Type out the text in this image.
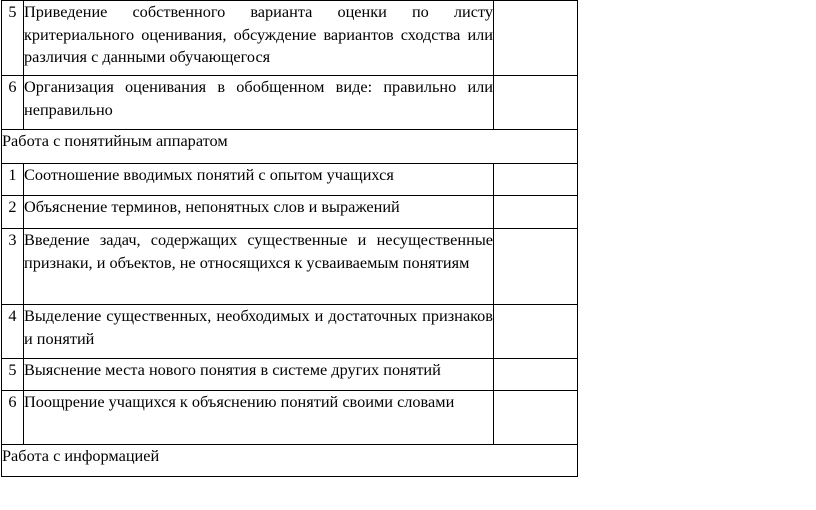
5	Приведение собственного варианта оценки по листу критериального оценивания, обсуждение вариантов сходства или различия с данными обучающегося	
6	Организация оценивания в обобщенном виде: правильно или неправильно	
Работа с понятийным аппаратом		
1	Соотношение вводимых понятий с опытом учащихся	
2	Объяснение терминов, непонятных слов и выражений	
3	Введение задач, содержащих существенные и несущественные признаки, и объектов, не относящихся к усваиваемым понятиям	
4	Выделение существенных, необходимых и достаточных признаков и понятий	
5	Выяснение места нового понятия в системе других понятий	
6	Поощрение учащихся к объяснению понятий своими словами	
Работа с информацией		
